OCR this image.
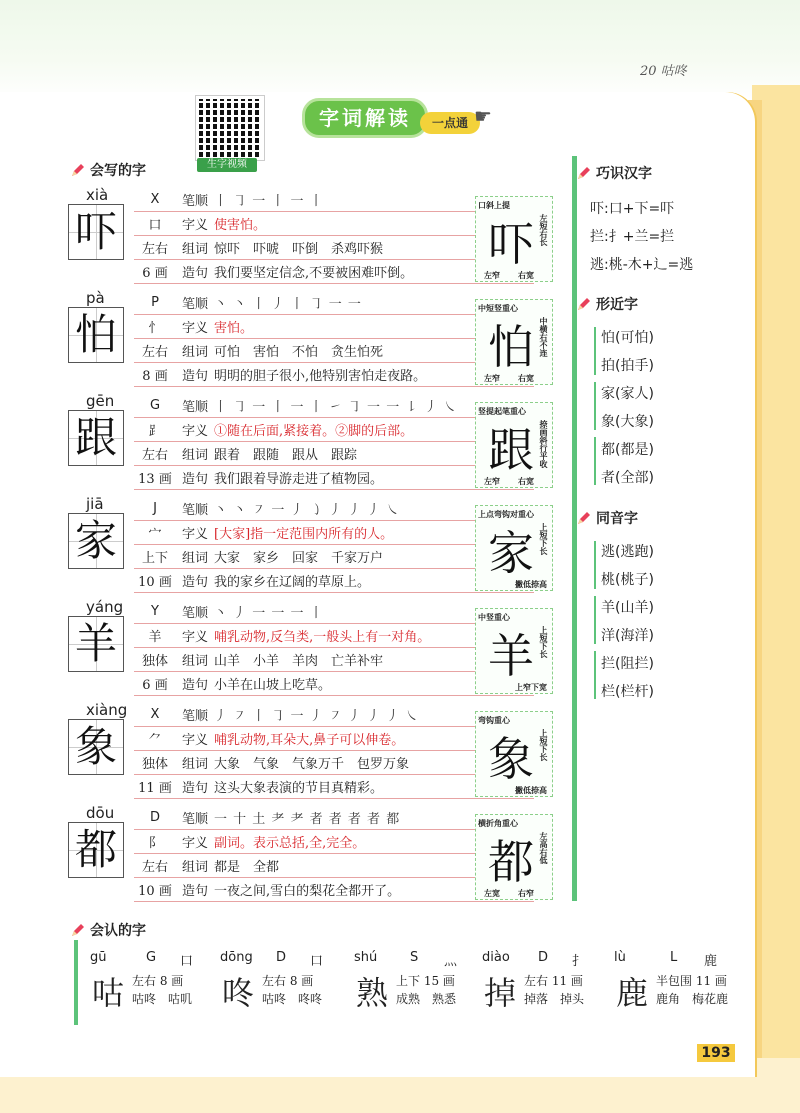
20 咕咚
生字视频
字词解读	一点通 ☛
会写的字
xià
吓
X	笔顺 丨 ㇆ 一 丨 一 丨
口	字义 使害怕。
左右	组词 惊吓　吓唬　吓倒　杀鸡吓猴
6 画	造句 我们要坚定信念,不要被困难吓倒。
吓
口斜上提
左短右长
左窄 右宽
pà
怕
P	笔顺 丶 丶 丨 丿 丨 ㇆ 一 一
忄	字义 害怕。
左右	组词 可怕　害怕　不怕　贪生怕死
8 画	造句 明明的胆子很小,他特别害怕走夜路。
怕
中短竖重心
中横右不连
左窄 右宽
gēn
跟
G	笔顺 丨 ㇆ 一 丨 一 丨 ㇀ ㇆ 一 一 ㇙ 丿 ㇏
⻊	字义 ①随在后面,紧接着。②脚的后部。
左右	组词 跟着　跟随　跟从　跟踪
13 画 造句 我们跟着导游走进了植物园。
跟
竖提起笔重心
捺画斜行平收
左窄 右宽
jiā
家
J	笔顺 丶 丶 ㇇ 一 丿 ㇁ 丿 丿 丿 ㇏
宀	字义 [大家]指一定范围内所有的人。
上下	组词 大家　家乡　回家　千家万户
10 画 造句 我的家乡在辽阔的草原上。
家
上点弯钩对重心
上短下长
撇低捺高
yáng
羊
Y	笔顺 丶 丿 一 一 一 丨
羊	字义 哺乳动物,反刍类,一般头上有一对角。
独体	组词 山羊　小羊　羊肉　亡羊补牢
6 画	造句 小羊在山坡上吃草。
羊
中竖重心
上短下长
上窄下宽
xiàng
象
X	笔顺 丿 ㇇ 丨 ㇆ 一 丿 ㇇ 丿 丿 丿 ㇏
⺈	字义 哺乳动物,耳朵大,鼻子可以伸卷。
独体	组词 大象　气象　气象万千　包罗万象
11 画 造句 这头大象表演的节目真精彩。
象
弯钩重心
上短下长
撇低捺高
dōu
都
D	笔顺 一 十 土 耂 耂 者 者 者 者 都
阝	字义 副词。表示总括,全,完全。
左右	组词 都是　全都
10 画 造句 一夜之间,雪白的梨花全都开了。
都
横折角重心
左高右低
左宽 右窄
巧识汉字
吓:口+下=吓
拦:扌+兰=拦
逃:桃-木+辶=逃
形近字
怕(可怕)
拍(拍手)
家(家人)
象(大象)
都(都是)
者(全部)
同音字
逃(逃跑)
桃(桃子)
羊(山羊)
洋(海洋)
拦(阻拦)
栏(栏杆)
会认的字
gū	G 口
咕 左右 8 画
咕咚　咕叽
dōng D 口
咚 左右 8 画
咕咚　咚咚
shú	S 灬
熟 上下 15 画
成熟　熟悉
diào D 扌
掉 左右 11 画
掉落　掉头
lù	L 鹿
鹿 半包围 11 画
鹿角　梅花鹿
193
